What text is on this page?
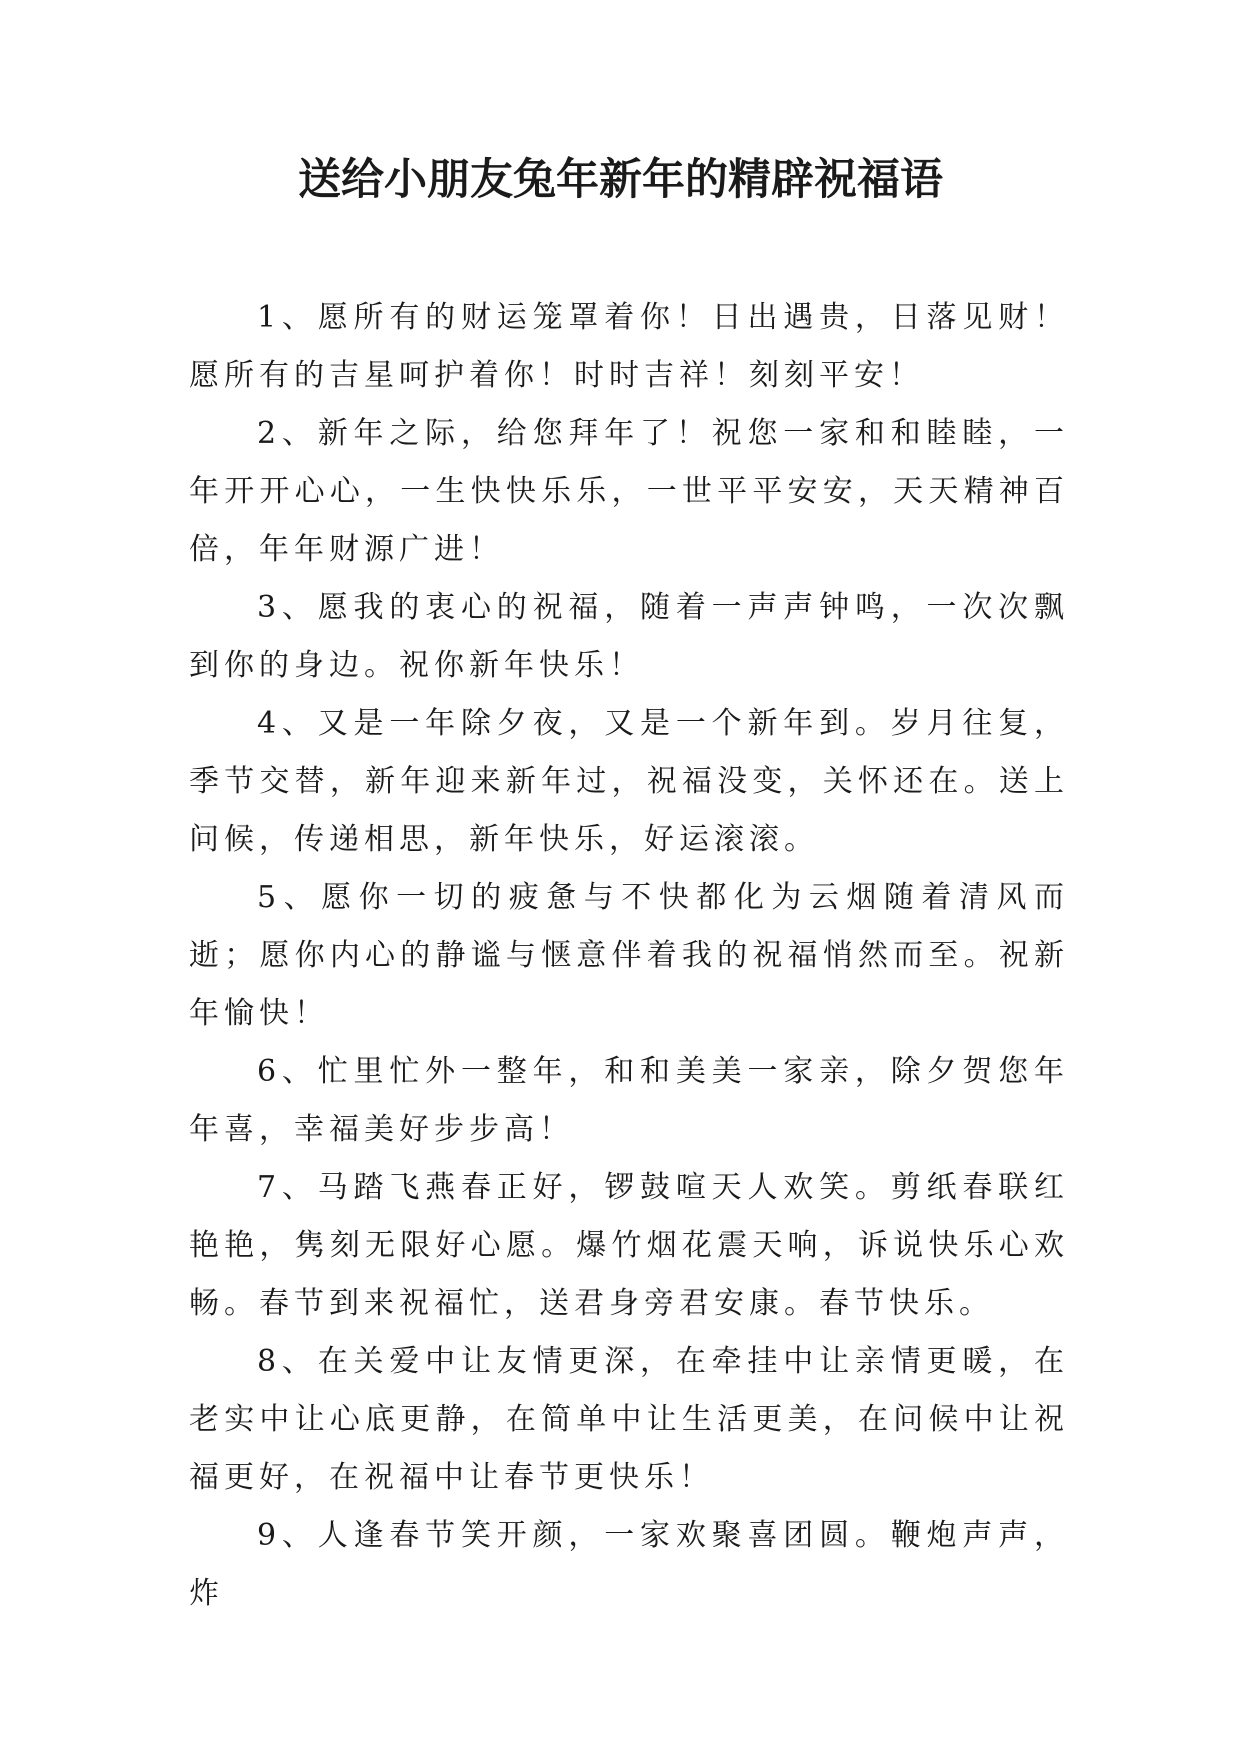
送给小朋友兔年新年的精辟祝福语

1、愿所有的财运笼罩着你！日出遇贵，日落见财！愿所有的吉星呵护着你！时时吉祥！刻刻平安！

2、新年之际，给您拜年了！祝您一家和和睦睦，一年开开心心，一生快快乐乐，一世平平安安，天天精神百倍，年年财源广进！

3、愿我的衷心的祝福，随着一声声钟鸣，一次次飘到你的身边。祝你新年快乐！

4、又是一年除夕夜，又是一个新年到。岁月往复，季节交替，新年迎来新年过，祝福没变，关怀还在。送上问候，传递相思，新年快乐，好运滚滚。

5、愿你一切的疲惫与不快都化为云烟随着清风而逝；愿你内心的静谧与惬意伴着我的祝福悄然而至。祝新年愉快！

6、忙里忙外一整年，和和美美一家亲，除夕贺您年年喜，幸福美好步步高！

7、马踏飞燕春正好，锣鼓喧天人欢笑。剪纸春联红艳艳，隽刻无限好心愿。爆竹烟花震天响，诉说快乐心欢畅。春节到来祝福忙，送君身旁君安康。春节快乐。

8、在关爱中让友情更深，在牵挂中让亲情更暖，在老实中让心底更静，在简单中让生活更美，在问候中让祝福更好，在祝福中让春节更快乐！

9、人逢春节笑开颜，一家欢聚喜团圆。鞭炮声声，炸
